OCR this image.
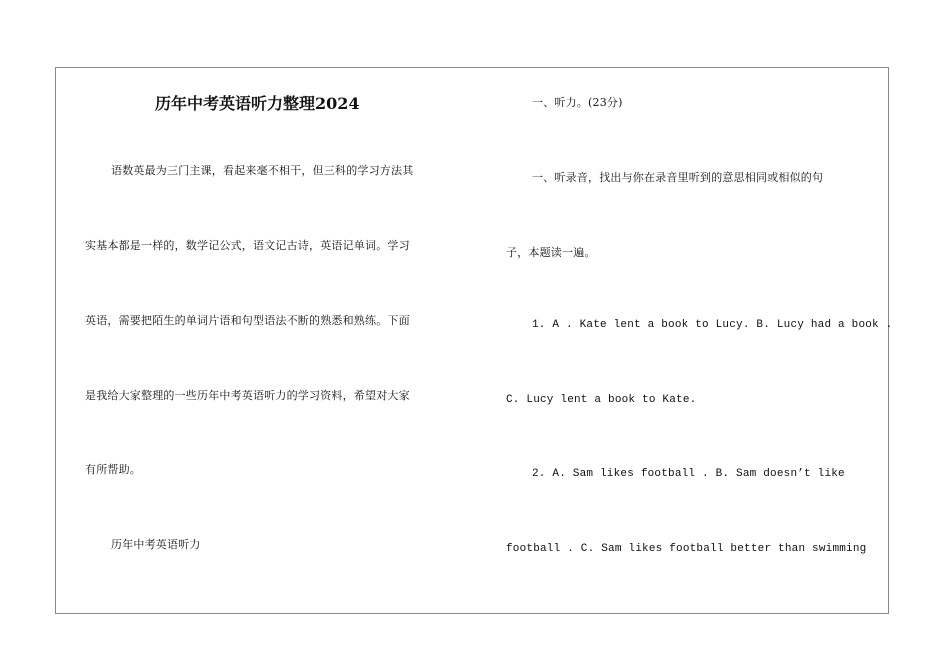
历年中考英语听力整理2024
语数英最为三门主课，看起来毫不相干，但三科的学习方法其
实基本都是一样的，数学记公式，语文记古诗，英语记单词。学习
英语，需要把陌生的单词片语和句型语法不断的熟悉和熟练。下面
是我给大家整理的一些历年中考英语听力的学习资料，希望对大家
有所帮助。
历年中考英语听力
一、听力。(23分)
一、听录音，找出与你在录音里听到的意思相同或相似的句
子，本题读一遍。
1. A . Kate lent a book to Lucy. B. Lucy had a book .
C. Lucy lent a book to Kate.
2. A. Sam likes football . B. Sam doesn’t like
football . C. Sam likes football better than swimming
